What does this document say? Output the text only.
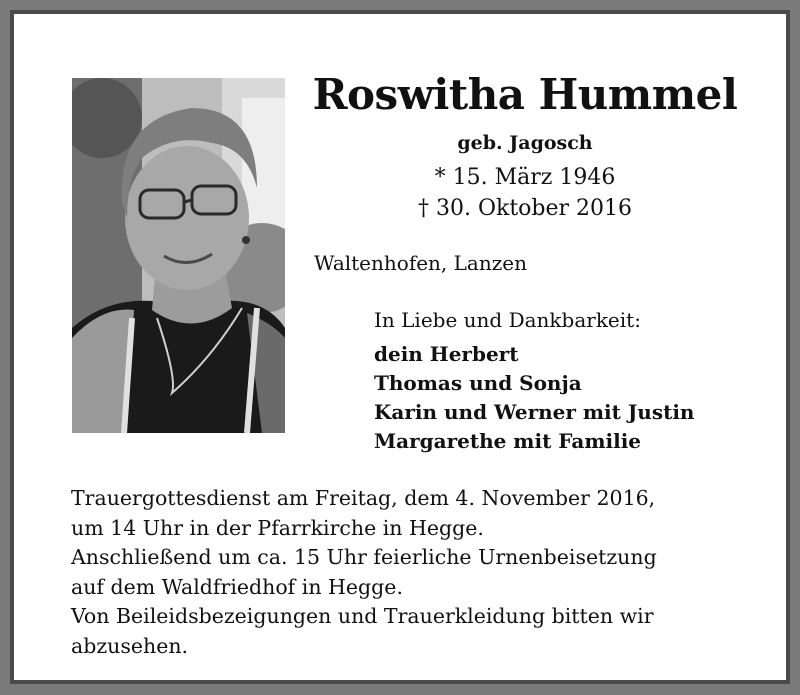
Roswitha Hummel
geb. Jagosch
* 15. März 1946
† 30. Oktober 2016
Waltenhofen, Lanzen
In Liebe und Dankbarkeit:
dein Herbert
Thomas und Sonja
Karin und Werner mit Justin
Margarethe mit Familie
Trauergottesdienst am Freitag, dem 4. November 2016,
um 14 Uhr in der Pfarrkirche in Hegge.
Anschließend um ca. 15 Uhr feierliche Urnenbeisetzung
auf dem Waldfriedhof in Hegge.
Von Beileidsbezeigungen und Trauerkleidung bitten wir
abzusehen.
